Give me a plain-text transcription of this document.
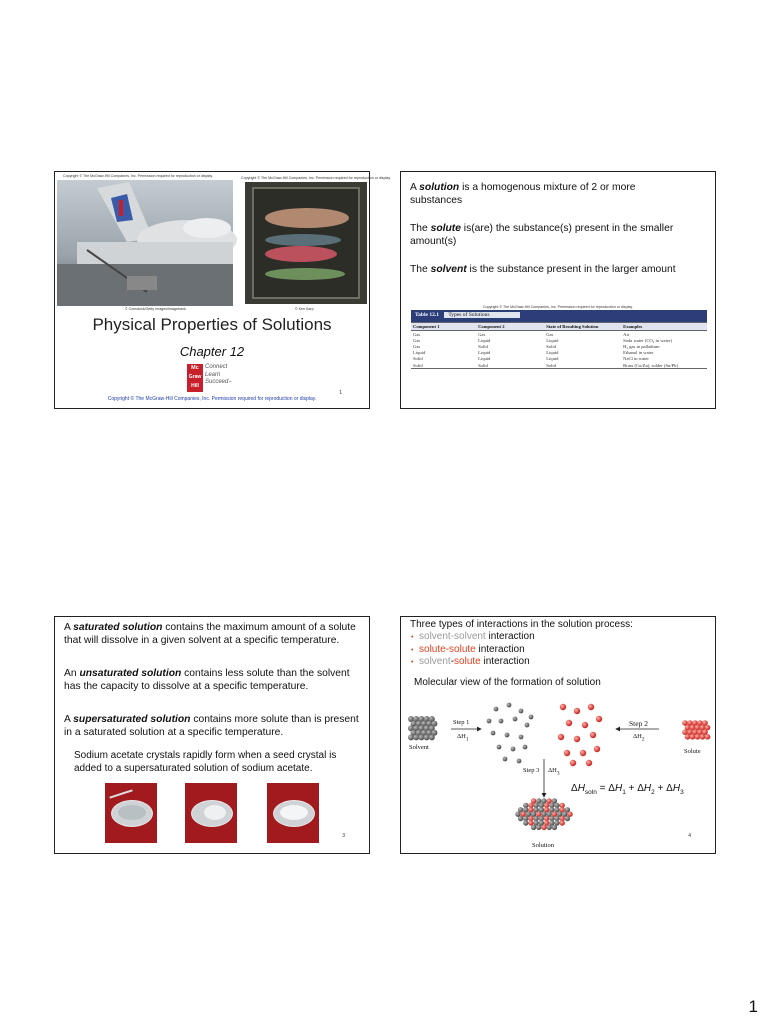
Copyright © The McGraw-Hill Companies, Inc. Permission required for reproduction or display.	Copyright © The McGraw-Hill Companies, Inc. Permission required for reproduction or display.
© Comstock/Getty Images/Imagebank	© Ken Karp
Physical Properties of Solutions
Chapter 12
Mc
Graw
Hill
Connect
Learn
Succeed™
1
Copyright © The McGraw-Hill Companies, Inc. Permission required for reproduction or display.

A solution is a homogenous mixture of 2 or more substances

The solute is(are) the substance(s) present in the smaller amount(s)

The solvent is the substance present in the larger amount

Copyright © The McGraw-Hill Companies, Inc. Permission required for reproduction or display.
Table 12.1 Types of Solutions
Component 1	Component 2	State of Resulting Solution	Examples
Gas	Gas	Gas	Air
Gas	Liquid	Liquid	Soda water (CO₂ in water)
Gas	Solid	Solid	H₂ gas in palladium
Liquid	Liquid	Liquid	Ethanol in water
Solid	Liquid	Liquid	NaCl in water
Solid	Solid	Solid	Brass (Cu/Zn), solder (Sn/Pb)

A saturated solution contains the maximum amount of a solute that will dissolve in a given solvent at a specific temperature.

An unsaturated solution contains less solute than the solvent has the capacity to dissolve at a specific temperature.

A supersaturated solution contains more solute than is present in a saturated solution at a specific temperature.

Sodium acetate crystals rapidly form when a seed crystal is added to a supersaturated solution of sodium acetate.

3
Three types of interactions in the solution process:
• solvent-solvent interaction
• solute-solute interaction
• solvent-solute interaction
Molecular view of the formation of solution
Step 1
$\Delta H_1$
Step 2
$\Delta H_2$
Step 3 $\Delta H_3$
Solvent
Solute
Solution
$\Delta H_{soln} = \Delta H_1 + \Delta H_2 + \Delta H_3$
4
1
